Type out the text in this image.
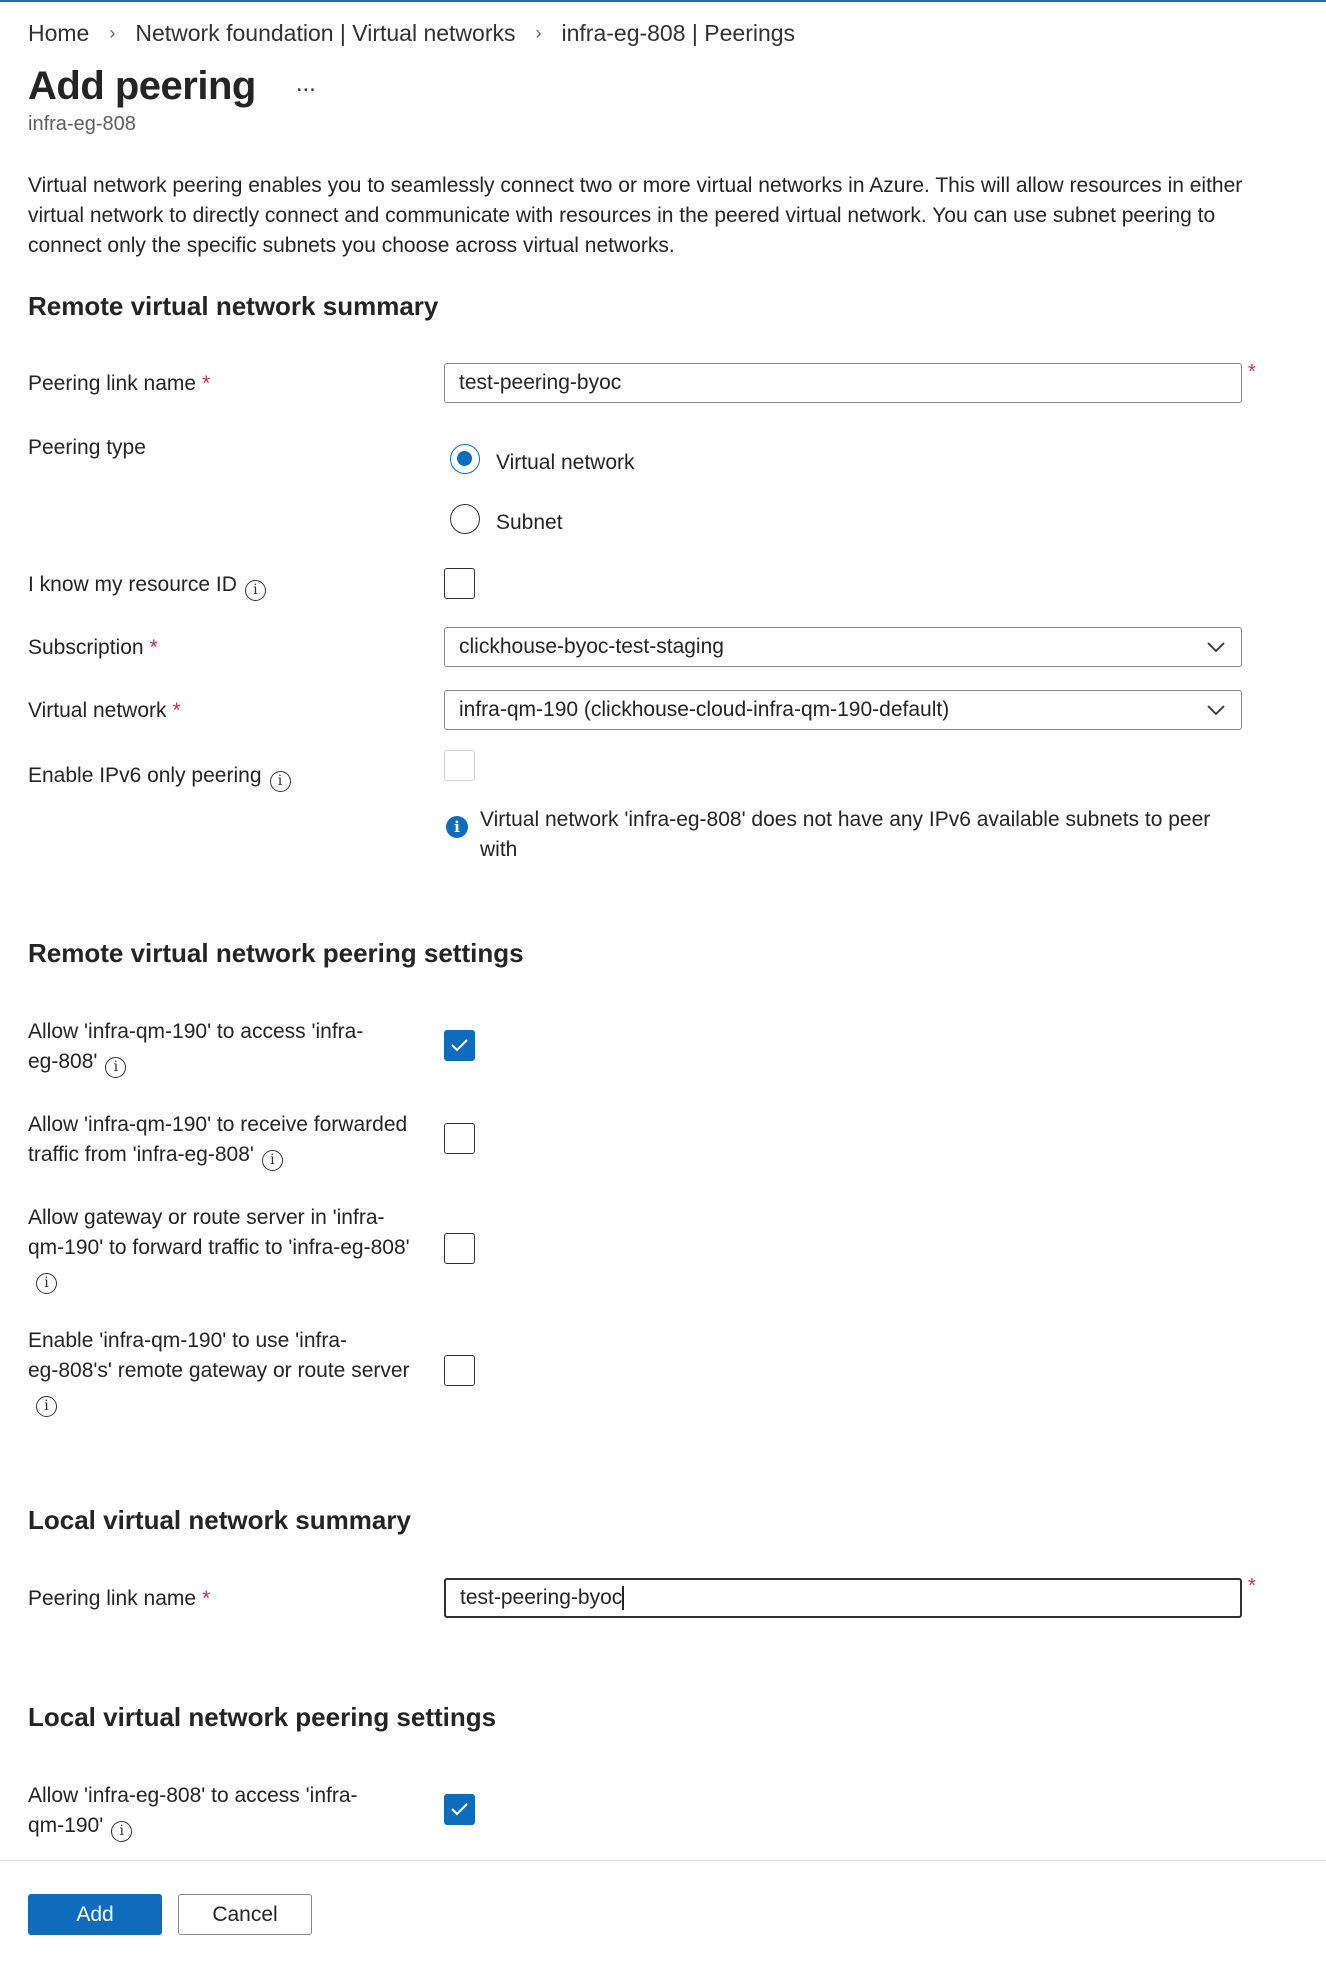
Home	› Network foundation | Virtual networks	› infra-eg-808 | Peerings
Add peering ...
infra-eg-808

Virtual network peering enables you to seamlessly connect two or more virtual networks in Azure. This will allow resources in either virtual network to directly connect and communicate with resources in the peered virtual network. You can use subnet peering to connect only the specific subnets you choose across virtual networks.

Remote virtual network summary
Peering link name *	test-peering-byoc	*
Peering type
Virtual network
Subnet
I know my resource ID i
Subscription *	clickhouse-byoc-test-staging
Virtual network *	infra-qm-190 (clickhouse-cloud-infra-qm-190-default)
Enable IPv6 only peering i
i Virtual network 'infra-eg-808' does not have any IPv6 available subnets to peer with
Remote virtual network peering settings
Allow 'infra-qm-190' to access 'infra-
eg-808' i
Allow 'infra-qm-190' to receive forwarded
traffic from 'infra-eg-808' i
Allow gateway or route server in 'infra-
qm-190' to forward traffic to 'infra-eg-808'
i
Enable 'infra-qm-190' to use 'infra-
eg-808's' remote gateway or route server
i
Local virtual network summary
Peering link name *	test-peering-byoc	*
Local virtual network peering settings
Allow 'infra-eg-808' to access 'infra-
qm-190' i
Add	Cancel
